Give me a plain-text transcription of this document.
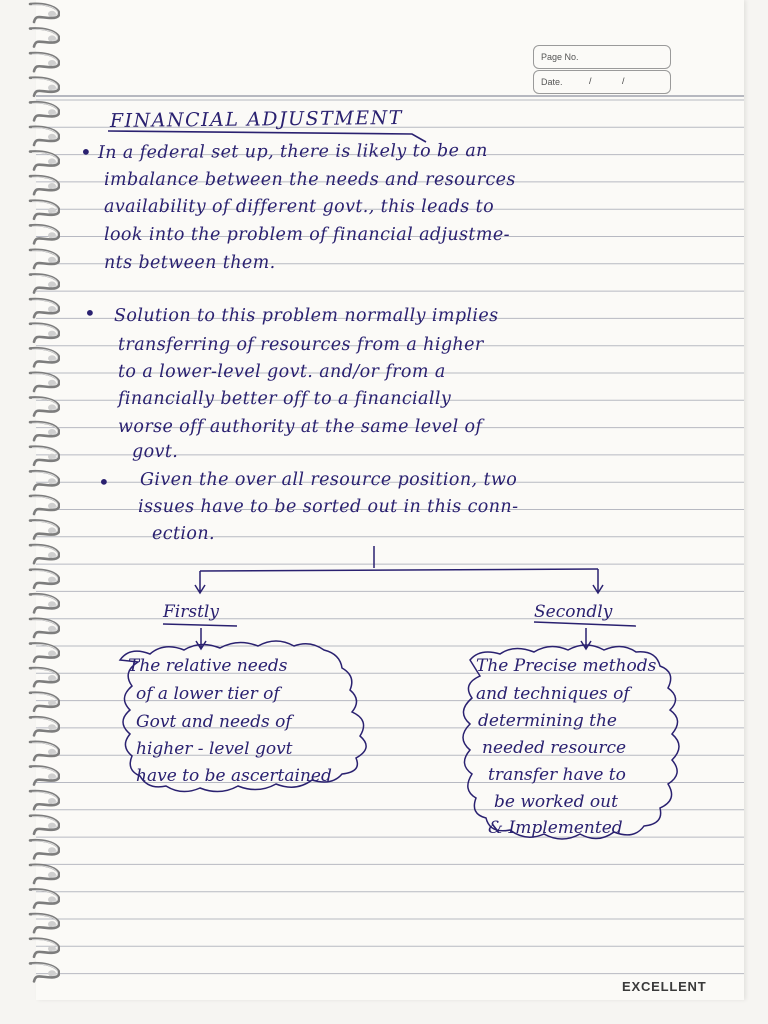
Page No.
Date.	/	/
FINANCIAL ADJUSTMENT
• In a federal set up, there is likely to be an
imbalance between the needs and resources
availability of different govt., this leads to
look into the problem of financial adjustme-
nts between them.
• Solution to this problem normally implies
transferring of resources from a higher
to a lower-level govt. and/or from a
financially better off to a financially
worse off authority at the same level of
govt.
• Given the over all resource position, two
issues have to be sorted out in this conn-
ection.
Firstly	Secondly
The relative needs
of a lower tier of
Govt and needs of
higher - level govt
have to be ascertained
The Precise methods
and techniques of
determining the
needed resource
transfer have to
be worked out
& Implemented
EXCELLENT
